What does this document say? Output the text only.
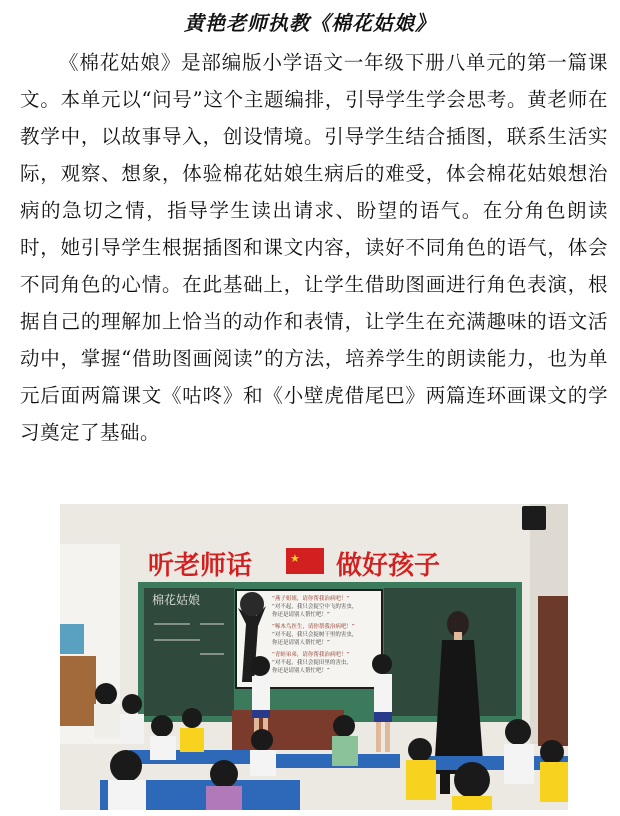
黄艳老师执教《棉花姑娘》
《棉花姑娘》是部编版小学语文一年级下册八单元的第一篇课文。本单元以“问号”这个主题编排，引导学生学会思考。黄老师在教学中，以故事导入，创设情境。引导学生结合插图，联系生活实际，观察、想象，体验棉花姑娘生病后的难受，体会棉花姑娘想治病的急切之情，指导学生读出请求、盼望的语气。在分角色朗读时，她引导学生根据插图和课文内容，读好不同角色的语气，体会不同角色的心情。在此基础上，让学生借助图画进行角色表演，根据自己的理解加上恰当的动作和表情，让学生在充满趣味的语文活动中，掌握“借助图画阅读”的方法，培养学生的朗读能力，也为单元后面两篇课文《咕咚》和《小壁虎借尾巴》两篇连环画课文的学习奠定了基础。
听老师话	★ 做好孩子
棉花姑娘	“燕子姐姐，请你帮我治病吧！”
“对不起，我只会捉空中飞的害虫，
你还是请别人帮忙吧！”
“啄木鸟医生，请你帮我治病吧！”
“对不起，我只会捉树干里的害虫，
你还是请别人帮忙吧！”
“青蛙弟弟，请你帮我治病吧！”
“对不起，我只会捉田里的害虫，
你还是请别人帮忙吧！”
